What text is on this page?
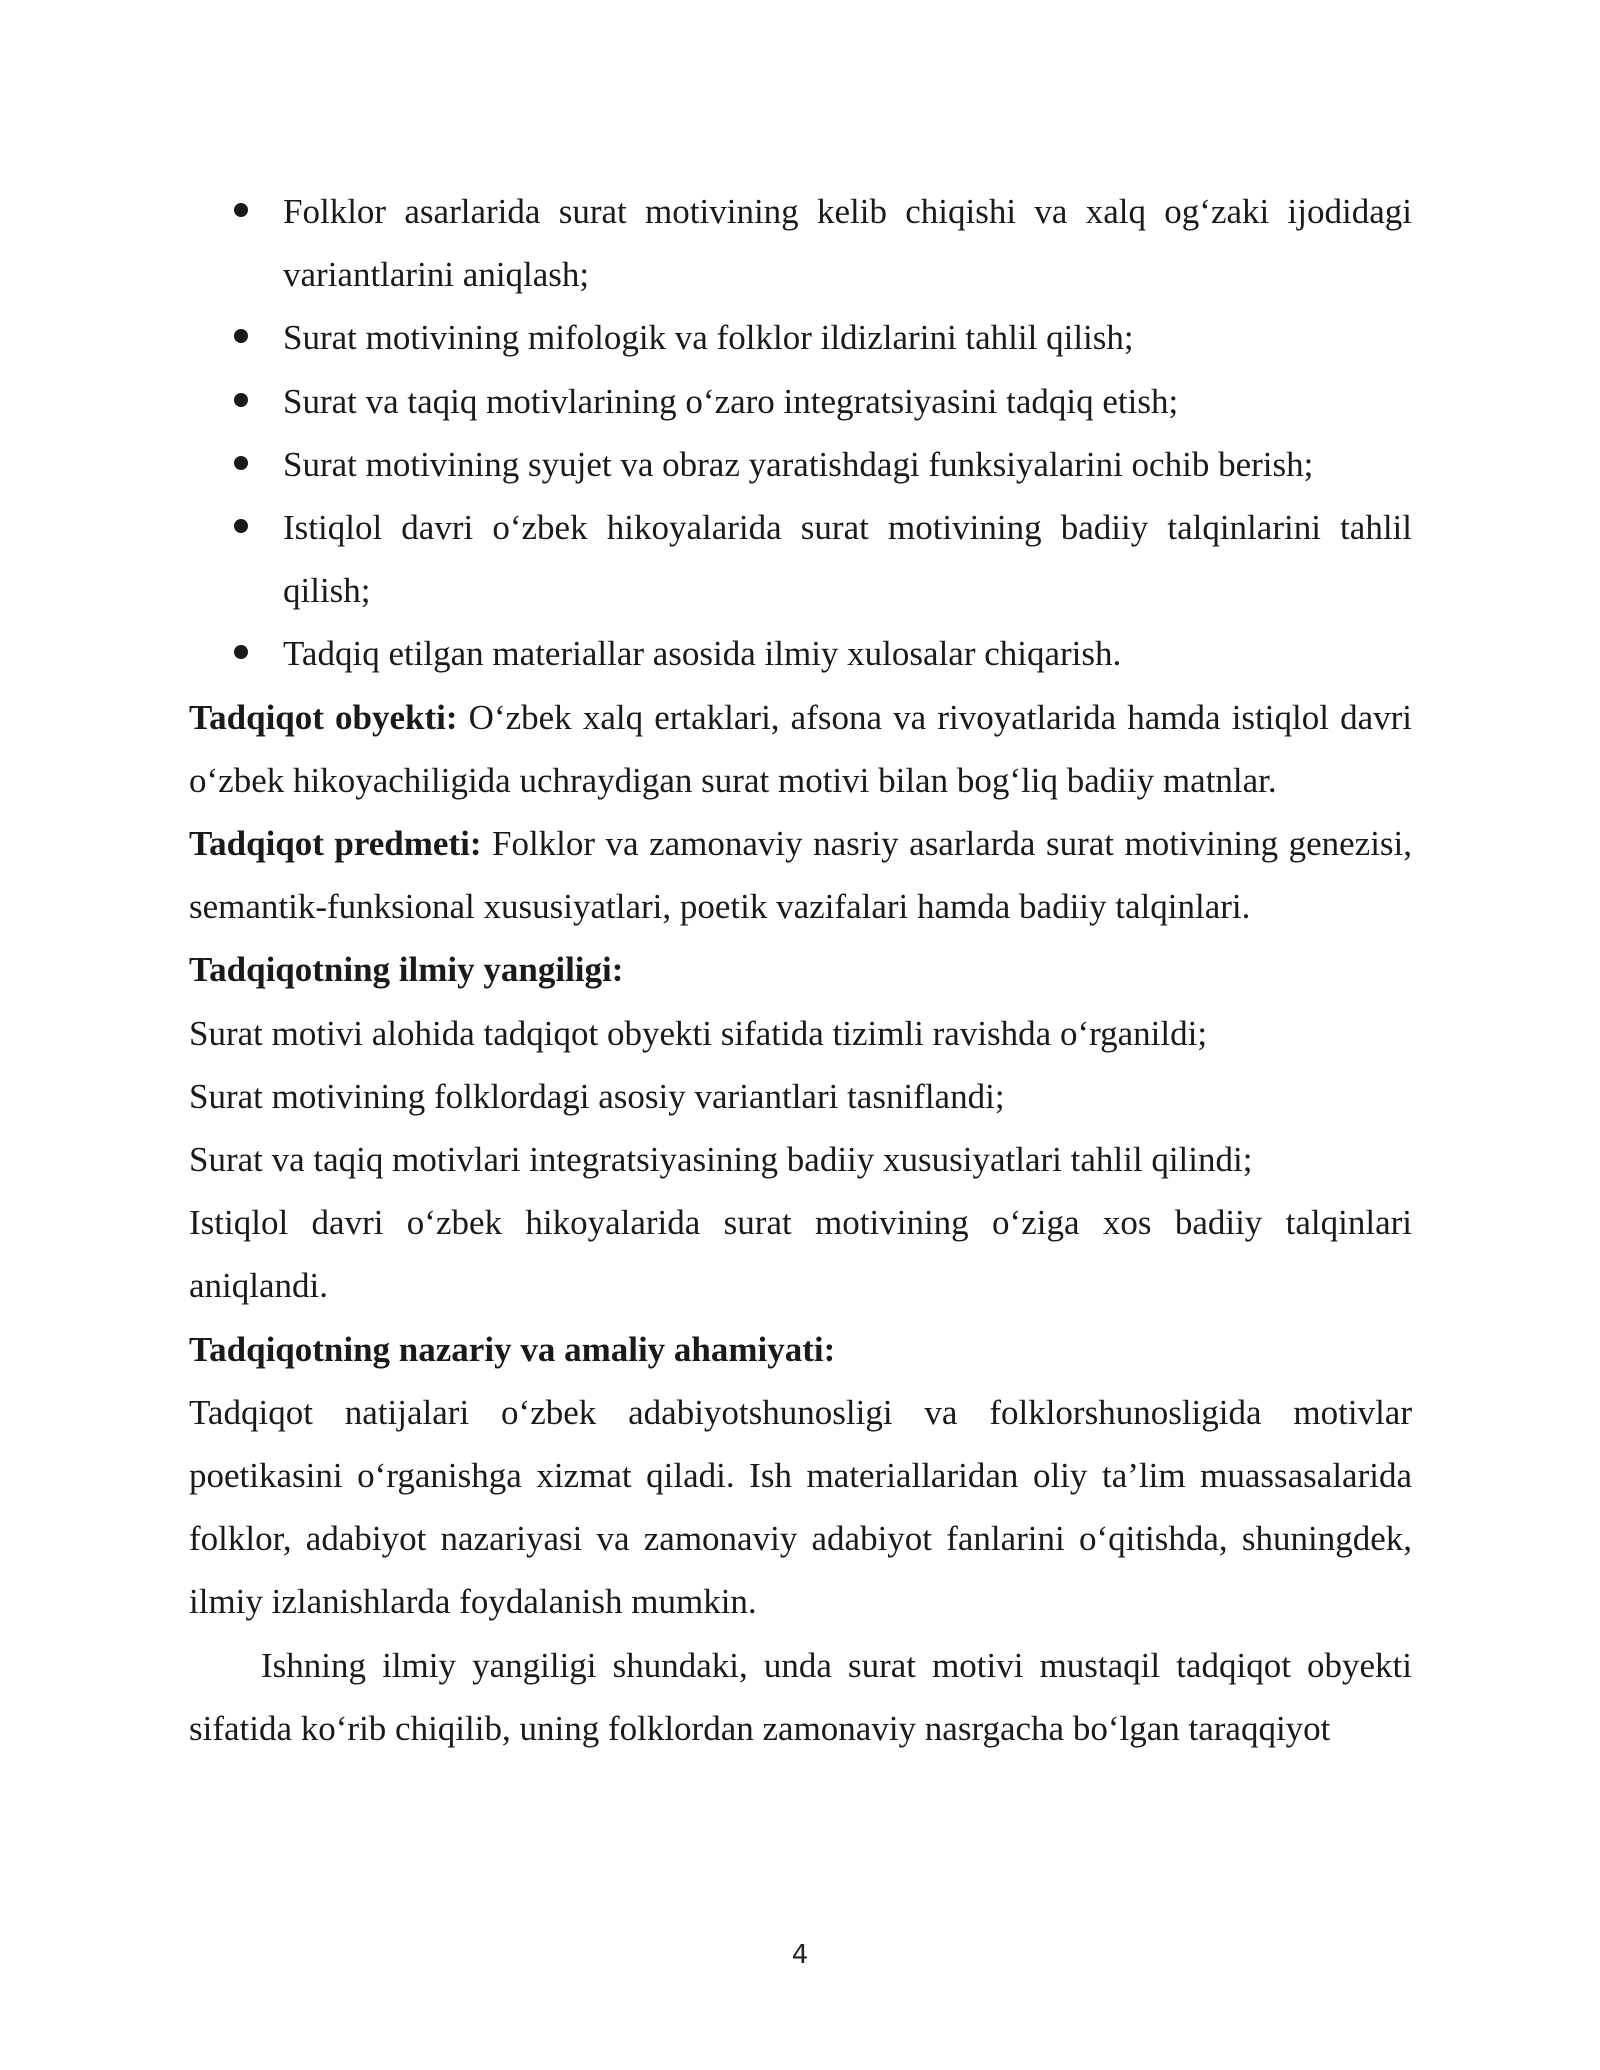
Folklor asarlarida surat motivining kelib chiqishi va xalq og‘zaki ijodidagi variantlarini aniqlash;
Surat motivining mifologik va folklor ildizlarini tahlil qilish;
Surat va taqiq motivlarining o‘zaro integratsiyasini tadqiq etish;
Surat motivining syujet va obraz yaratishdagi funksiyalarini ochib berish;
Istiqlol davri o‘zbek hikoyalarida surat motivining badiiy talqinlarini tahlil qilish;
Tadqiq etilgan materiallar asosida ilmiy xulosalar chiqarish.

Tadqiqot obyekti: O‘zbek xalq ertaklari, afsona va rivoyatlarida hamda istiqlol davri o‘zbek hikoyachiligida uchraydigan surat motivi bilan bog‘liq badiiy matnlar.

Tadqiqot predmeti: Folklor va zamonaviy nasriy asarlarda surat motivining genezisi, semantik-funksional xususiyatlari, poetik vazifalari hamda badiiy talqinlari.

Tadqiqotning ilmiy yangiligi:

Surat motivi alohida tadqiqot obyekti sifatida tizimli ravishda o‘rganildi;

Surat motivining folklordagi asosiy variantlari tasniflandi;

Surat va taqiq motivlari integratsiyasining badiiy xususiyatlari tahlil qilindi;

Istiqlol davri o‘zbek hikoyalarida surat motivining o‘ziga xos badiiy talqinlari aniqlandi.

Tadqiqotning nazariy va amaliy ahamiyati:

Tadqiqot natijalari o‘zbek adabiyotshunosligi va folklorshunosligida motivlar poetikasini o‘rganishga xizmat qiladi. Ish materiallaridan oliy ta’lim muassasalarida folklor, adabiyot nazariyasi va zamonaviy adabiyot fanlarini o‘qitishda, shuningdek, ilmiy izlanishlarda foydalanish mumkin.

Ishning ilmiy yangiligi shundaki, unda surat motivi mustaqil tadqiqot obyekti sifatida ko‘rib chiqilib, uning folklordan zamonaviy nasrgacha bo‘lgan taraqqiyot

4
